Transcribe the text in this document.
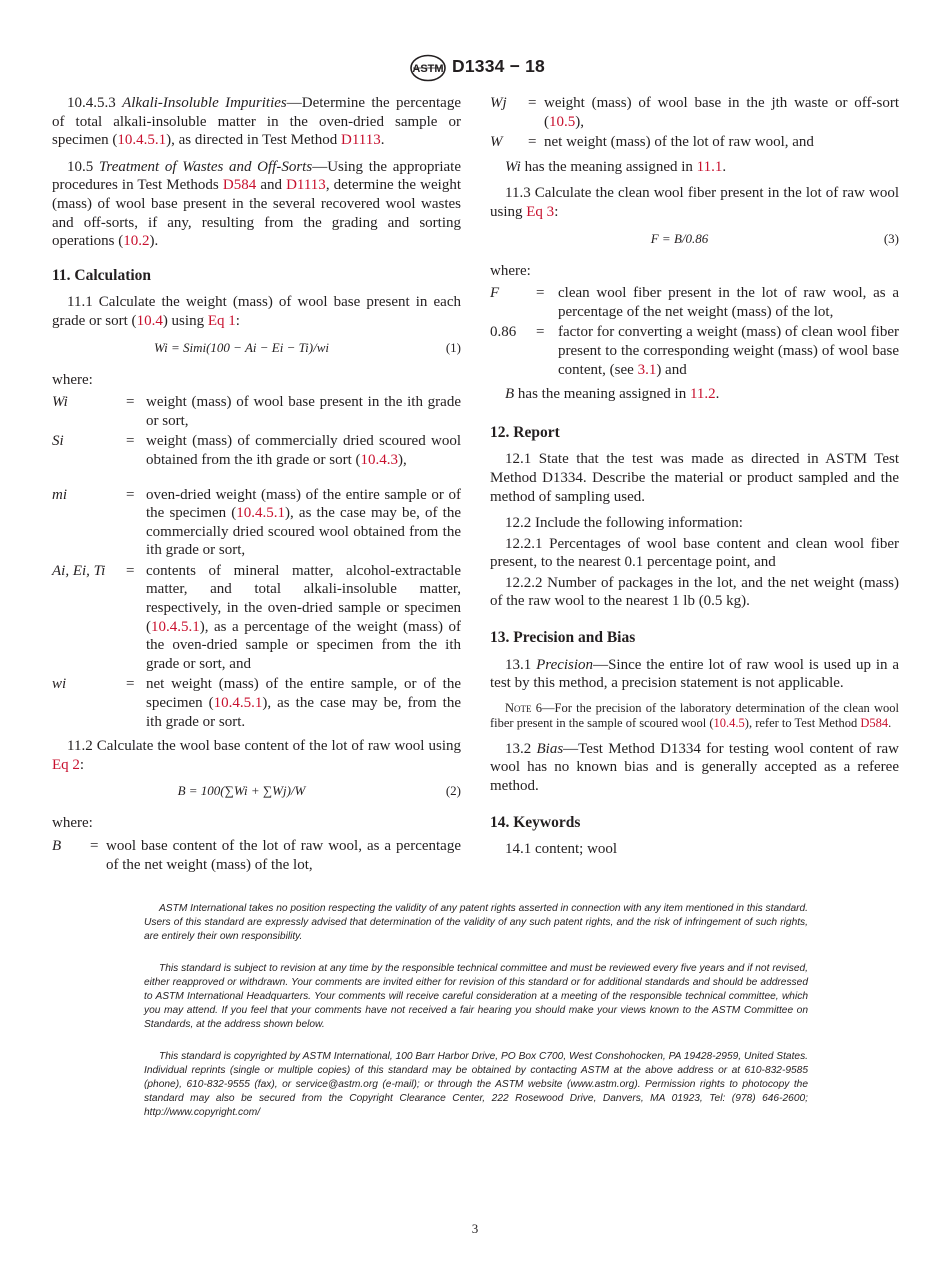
ASTM D1334 − 18

10.4.5.3 Alkali-Insoluble Impurities—Determine the percentage of total alkali-insoluble matter in the oven-dried sample or specimen (10.4.5.1), as directed in Test Method D1113.

10.5 Treatment of Wastes and Off-Sorts—Using the appropriate procedures in Test Methods D584 and D1113, determine the weight (mass) of wool base present in the several recovered wool wastes and off-sorts, if any, resulting from the grading and sorting operations (10.2).

11. Calculation

11.1 Calculate the weight (mass) of wool base present in each grade or sort (10.4) using Eq 1:

Wi = Simi(100 − Ai − Ei − Ti)/wi	(1)
where:
Wi	= weight (mass) of wool base present in the ith grade or sort,
Si	= weight (mass) of commercially dried scoured wool obtained from the ith grade or sort (10.4.3),
mi	= oven-dried weight (mass) of the entire sample or of the specimen (10.4.5.1), as the case may be, of the commercially dried scoured wool obtained from the ith grade or sort,
Ai, Ei, Ti	= contents of mineral matter, alcohol-extractable matter, and total alkali-insoluble matter, respectively, in the oven-dried sample or specimen (10.4.5.1), as a percentage of the weight (mass) of the oven-dried sample or specimen from the ith grade or sort, and
wi	= net weight (mass) of the entire sample, or of the specimen (10.4.5.1), as the case may be, from the ith grade or sort.

11.2 Calculate the wool base content of the lot of raw wool using Eq 2:

B = 100(∑Wi + ∑Wj)/W	(2)
where:
B	= wool base content of the lot of raw wool, as a percentage of the net weight (mass) of the lot,
Wj	= weight (mass) of wool base in the jth waste or off-sort (10.5),
W	= net weight (mass) of the lot of raw wool, and

Wi has the meaning assigned in 11.1.

11.3 Calculate the clean wool fiber present in the lot of raw wool using Eq 3:

F = B/0.86	(3)
where:
F	= clean wool fiber present in the lot of raw wool, as a percentage of the net weight (mass) of the lot,
0.86	= factor for converting a weight (mass) of clean wool fiber present to the corresponding weight (mass) of wool base content, (see 3.1) and

B has the meaning assigned in 11.2.

12. Report

12.1 State that the test was made as directed in ASTM Test Method D1334. Describe the material or product sampled and the method of sampling used.

12.2 Include the following information:

12.2.1 Percentages of wool base content and clean wool fiber present, to the nearest 0.1 percentage point, and

12.2.2 Number of packages in the lot, and the net weight (mass) of the raw wool to the nearest 1 lb (0.5 kg).

13. Precision and Bias

13.1 Precision—Since the entire lot of raw wool is used up in a test by this method, a precision statement is not applicable.

Note 6—For the precision of the laboratory determination of the clean wool fiber present in the sample of scoured wool (10.4.5), refer to Test Method D584.

13.2 Bias—Test Method D1334 for testing wool content of raw wool has no known bias and is generally accepted as a referee method.

14. Keywords

14.1 content; wool

ASTM International takes no position respecting the validity of any patent rights asserted in connection with any item mentioned in this standard. Users of this standard are expressly advised that determination of the validity of any such patent rights, and the risk of infringement of such rights, are entirely their own responsibility.

This standard is subject to revision at any time by the responsible technical committee and must be reviewed every five years and if not revised, either reapproved or withdrawn. Your comments are invited either for revision of this standard or for additional standards and should be addressed to ASTM International Headquarters. Your comments will receive careful consideration at a meeting of the responsible technical committee, which you may attend. If you feel that your comments have not received a fair hearing you should make your views known to the ASTM Committee on Standards, at the address shown below.

This standard is copyrighted by ASTM International, 100 Barr Harbor Drive, PO Box C700, West Conshohocken, PA 19428-2959, United States. Individual reprints (single or multiple copies) of this standard may be obtained by contacting ASTM at the above address or at 610-832-9585 (phone), 610-832-9555 (fax), or service@astm.org (e-mail); or through the ASTM website (www.astm.org). Permission rights to photocopy the standard may also be secured from the Copyright Clearance Center, 222 Rosewood Drive, Danvers, MA 01923, Tel: (978) 646-2600; http://www.copyright.com/

3
